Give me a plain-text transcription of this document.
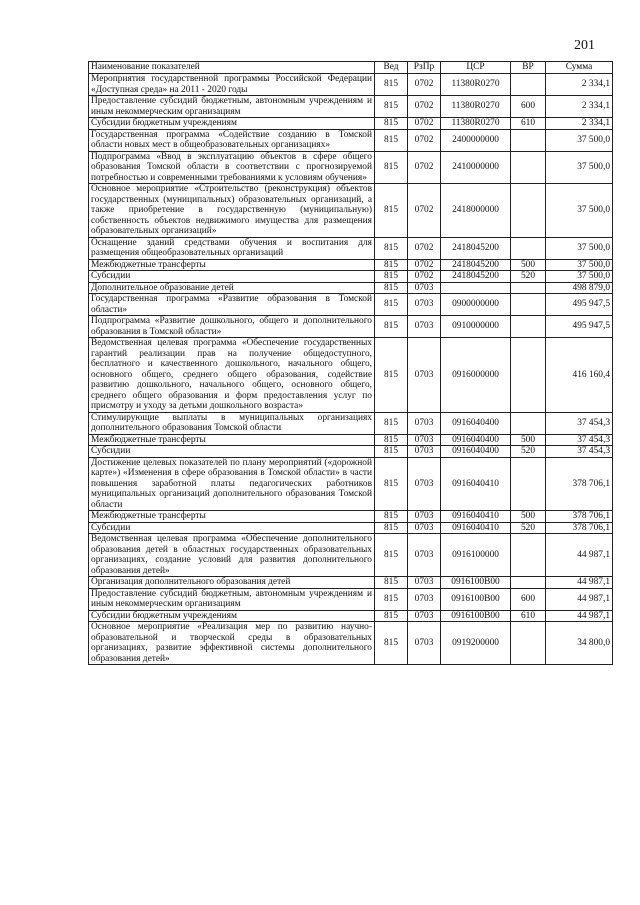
201
Наименование показателей	Вед	РзПр	ЦСР	ВР	Сумма
Мероприятия государственной программы Российской Федерации «Доступная среда» на 2011 - 2020 годы	815	0702	11380R0270		2 334,1
Предоставление субсидий бюджетным, автономным учреждениям и иным некоммерческим организациям	815	0702	11380R0270	600	2 334,1
Субсидии бюджетным учреждениям	815	0702	11380R0270	610	2 334,1
Государственная программа «Содействие созданию в Томской области новых мест в общеобразовательных организациях»	815	0702	2400000000		37 500,0
Подпрограмма «Ввод в эксплуатацию объектов в сфере общего образования Томской области в соответствии с прогнозируемой потребностью и современными требованиями к условиям обучения»	815	0702	2410000000		37 500,0
Основное мероприятие «Строительство (реконструкция) объектов государственных (муниципальных) образовательных организаций, а также приобретение в государственную (муниципальную) собственность объектов недвижимого имущества для размещения образовательных организаций»	815	0702	2418000000		37 500,0
Оснащение зданий средствами обучения и воспитания для размещения общеобразовательных организаций	815	0702	2418045200		37 500,0
Межбюджетные трансферты	815	0702	2418045200	500	37 500,0
Субсидии	815	0702	2418045200	520	37 500,0
Дополнительное образование детей	815	0703			498 879,0
Государственная программа «Развитие образования в Томской области»	815	0703	0900000000		495 947,5
Подпрограмма «Развитие дошкольного, общего и дополнительного образования в Томской области»	815	0703	0910000000		495 947,5
Ведомственная целевая программа «Обеспечение государственных гарантий реализации прав на получение общедоступного, бесплатного и качественного дошкольного, начального общего, основного общего, среднего общего образования, содействие развитию дошкольного, начального общего, основного общего, среднего общего образования и форм предоставления услуг по присмотру и уходу за детьми дошкольного возраста»	815	0703	0916000000		416 160,4
Стимулирующие выплаты в муниципальных организациях дополнительного образования Томской области	815	0703	0916040400		37 454,3
Межбюджетные трансферты	815	0703	0916040400	500	37 454,3
Субсидии	815	0703	0916040400	520	37 454,3
Достижение целевых показателей по плану мероприятий («дорожной карте») «Изменения в сфере образования в Томской области» в части повышения заработной платы педагогических работников муниципальных организаций дополнительного образования Томской области	815	0703	0916040410		378 706,1
Межбюджетные трансферты	815	0703	0916040410	500	378 706,1
Субсидии	815	0703	0916040410	520	378 706,1
Ведомственная целевая программа «Обеспечение дополнительного образования детей в областных государственных образовательных организациях, создание условий для развития дополнительного образования детей»	815	0703	0916100000		44 987,1
Организация дополнительного образования детей	815	0703	0916100В00		44 987,1
Предоставление субсидий бюджетным, автономным учреждениям и иным некоммерческим организациям	815	0703	0916100В00	600	44 987,1
Субсидии бюджетным учреждениям	815	0703	0916100В00	610	44 987,1
Основное мероприятие «Реализация мер по развитию научно-образовательной и творческой среды в образовательных организациях, развитие эффективной системы дополнительного образования детей»	815	0703	0919200000		34 800,0
